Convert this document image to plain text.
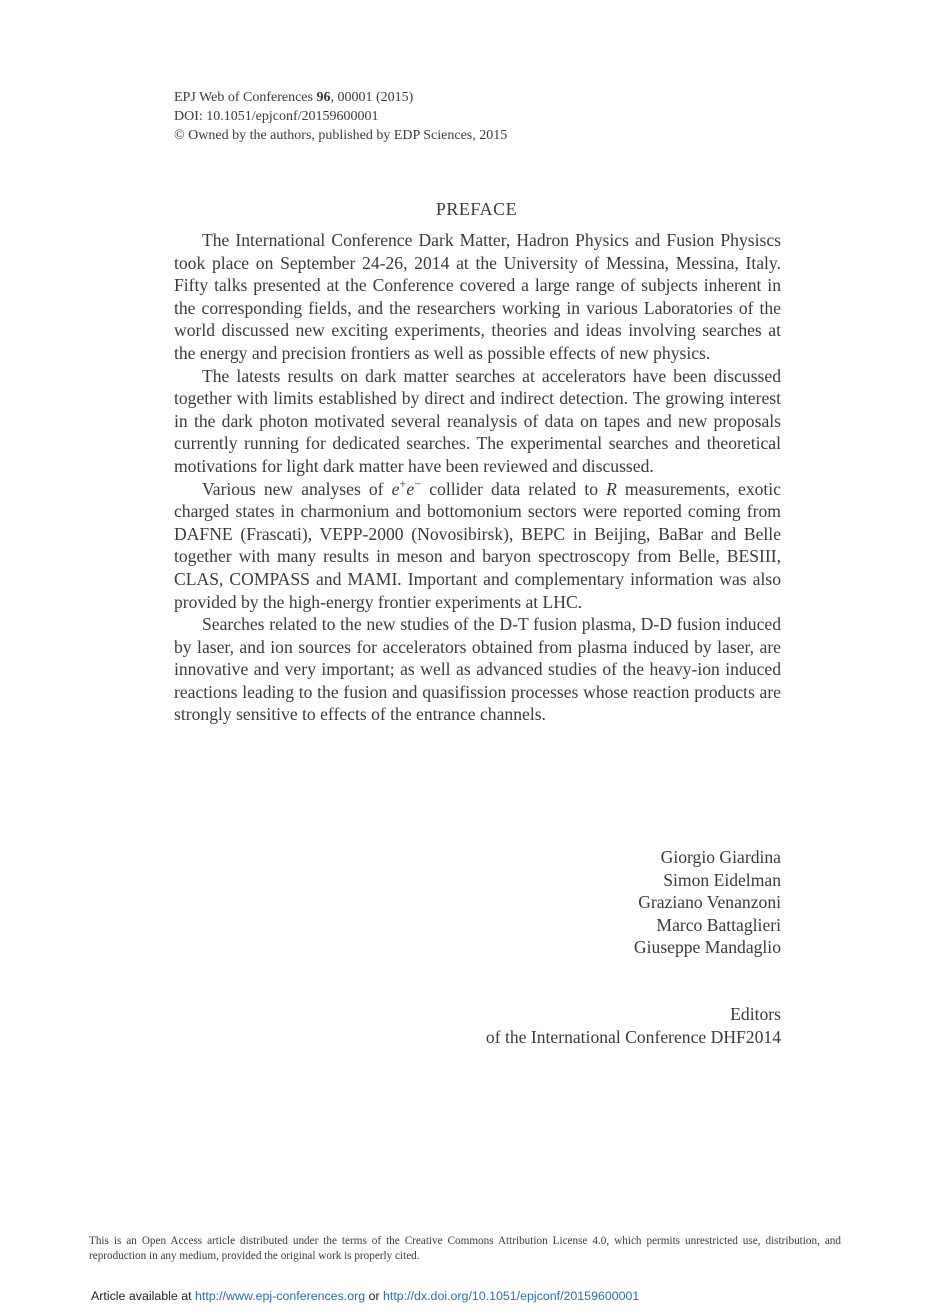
EPJ Web of Conferences 96, 00001 (2015)
DOI: 10.1051/epjconf/20159600001
© Owned by the authors, published by EDP Sciences, 2015
PREFACE

The International Conference Dark Matter, Hadron Physics and Fusion Physiscs took place on September 24-26, 2014 at the University of Messina, Messina, Italy. Fifty talks presented at the Conference covered a large range of subjects inherent in the corresponding fields, and the researchers working in various Laboratories of the world discussed new exciting experiments, theories and ideas involving searches at the energy and precision frontiers as well as possible effects of new physics.

The latests results on dark matter searches at accelerators have been discussed together with limits established by direct and indirect detection. The growing interest in the dark photon motivated several reanalysis of data on tapes and new proposals currently running for dedicated searches. The experimental searches and theoretical motivations for light dark matter have been reviewed and discussed.

Various new analyses of e+e− collider data related to R measurements, exotic charged states in charmonium and bottomonium sectors were reported coming from DAFNE (Frascati), VEPP-2000 (Novosibirsk), BEPC in Beijing, BaBar and Belle together with many results in meson and baryon spectroscopy from Belle, BESIII, CLAS, COMPASS and MAMI. Important and complementary information was also provided by the high-energy frontier experiments at LHC.

Searches related to the new studies of the D-T fusion plasma, D-D fusion induced by laser, and ion sources for accelerators obtained from plasma induced by laser, are innovative and very important; as well as advanced studies of the heavy-ion induced reactions leading to the fusion and quasifission processes whose reaction products are strongly sensitive to effects of the entrance channels.

Giorgio Giardina
Simon Eidelman
Graziano Venanzoni
Marco Battaglieri
Giuseppe Mandaglio
Editors
of the International Conference DHF2014
This is an Open Access article distributed under the terms of the Creative Commons Attribution License 4.0, which permits unrestricted use, distribution, and reproduction in any medium, provided the original work is properly cited.
Article available at http://www.epj-conferences.org or http://dx.doi.org/10.1051/epjconf/20159600001
